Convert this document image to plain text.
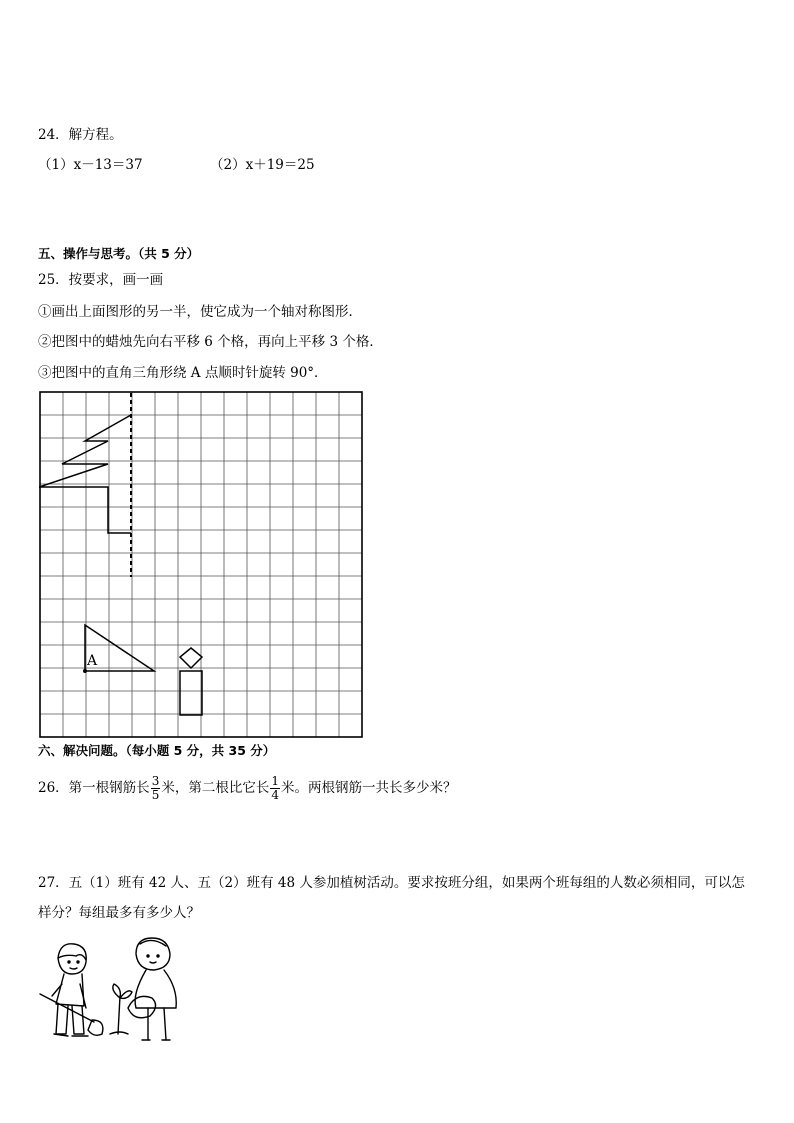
24．解方程。
（1）x－13＝37	（2）x＋19＝25
五、操作与思考。（共 5 分）
25．按要求，画一画
①画出上面图形的另一半，使它成为一个轴对称图形．
②把图中的蜡烛先向右平移 6 个格，再向上平移 3 个格．
③把图中的直角三角形绕 A 点顺时针旋转 90°．
A
六、解决问题。（每小题 5 分，共 35 分）
26．第一根钢筋长 $\frac{3}{5}$ 米，第二根比它长 $\frac{1}{4}$ 米。两根钢筋一共长多少米？
27．五（1）班有 42 人、五（2）班有 48 人参加植树活动。要求按班分组，如果两个班每组的人数必须相同，可以怎
样分？每组最多有多少人？
